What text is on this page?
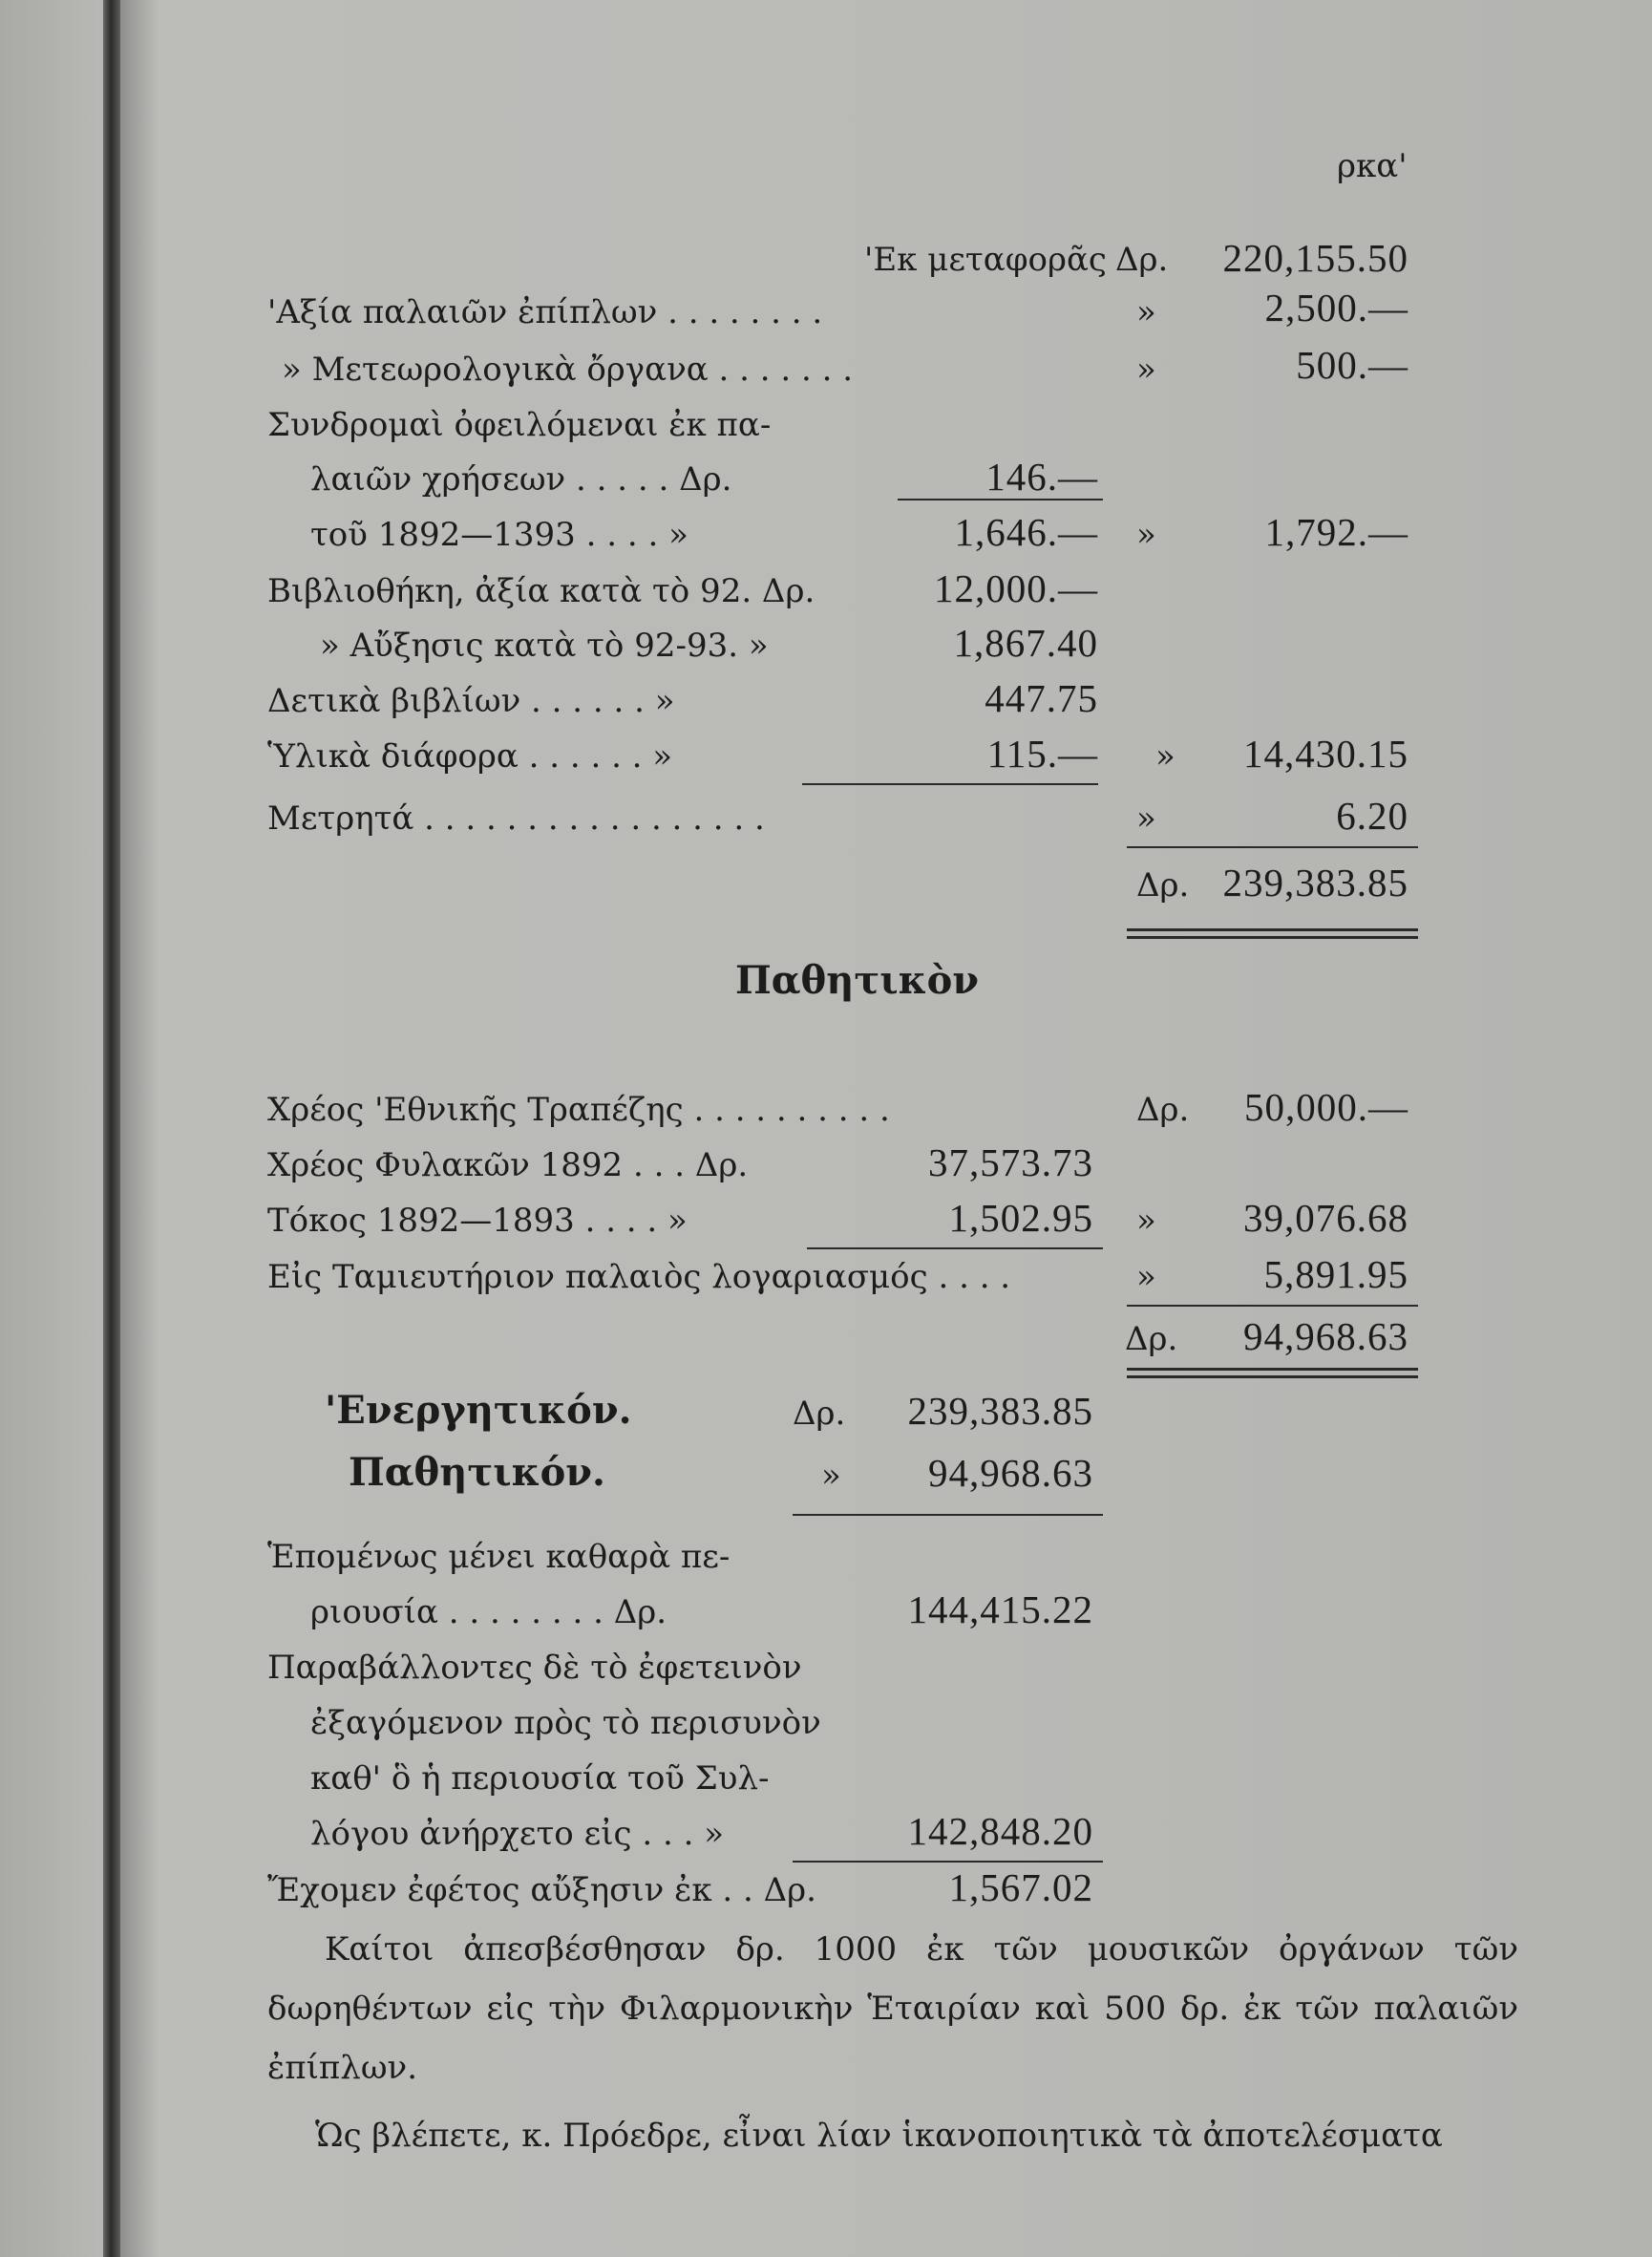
ρκα'
'Εκ μεταφορᾶς Δρ.	220,155.50
'Αξία παλαιῶν ἐπίπλων . . . . . . . .	»	2,500.—
» Μετεωρολογικὰ ὄργανα . . . . . . .	»	500.—
Συνδρομαὶ ὀφειλόμεναι ἐκ πα-
λαιῶν χρήσεων . . . . . Δρ.	146.—
τοῦ 1892—1393 . . . . »	1,646.— »	1,792.—
Βιβλιοθήκη, ἀξία κατὰ τὸ 92. Δρ.	12,000.—
» Αὔξησις κατὰ τὸ 92-93. »	1,867.40
Δετικὰ βιβλίων . . . . . . »	447.75
Ὑλικὰ διάφορα . . . . . . »	115.— »	14,430.15
Μετρητά . . . . . . . . . . . . . . . . .	»	6.20
Δρ. 239,383.85
Παθητικὸν
Χρέος 'Εθνικῆς Τραπέζης . . . . . . . . . .	Δρ.	50,000.—
Χρέος Φυλακῶν 1892 . . . Δρ.	37,573.73
Τόκος 1892—1893 . . . . »	1,502.95 »	39,076.68
Εἰς Ταμιευτήριον παλαιὸς λογαριασμός . . . .	»	5,891.95
Δρ.	94,968.63
'Ενεργητικόν.	Δρ.	239,383.85
Παθητικόν.	»	94,968.63
Ἑπομένως μένει καθαρὰ πε-
ριουσία . . . . . . . . Δρ.	144,415.22
Παραβάλλοντες δὲ τὸ ἐφετεινὸν
ἐξαγόμενον πρὸς τὸ περισυνὸν
καθ' ὃ ἡ περιουσία τοῦ Συλ-
λόγου ἀνήρχετο εἰς . . . »	142,848.20
Ἔχομεν ἐφέτος αὔξησιν ἐκ . . Δρ.	1,567.02
Καίτοι ἀπεσβέσθησαν δρ. 1000 ἐκ τῶν μουσικῶν ὀργάνων τῶν δωρηθέντων εἰς τὴν Φιλαρμονικὴν Ἑταιρίαν καὶ 500 δρ. ἐκ τῶν παλαιῶν ἐπίπλων.
Ὡς βλέπετε, κ. Πρόεδρε, εἶναι λίαν ἱκανοποιητικὰ τὰ ἀποτελέσματα
